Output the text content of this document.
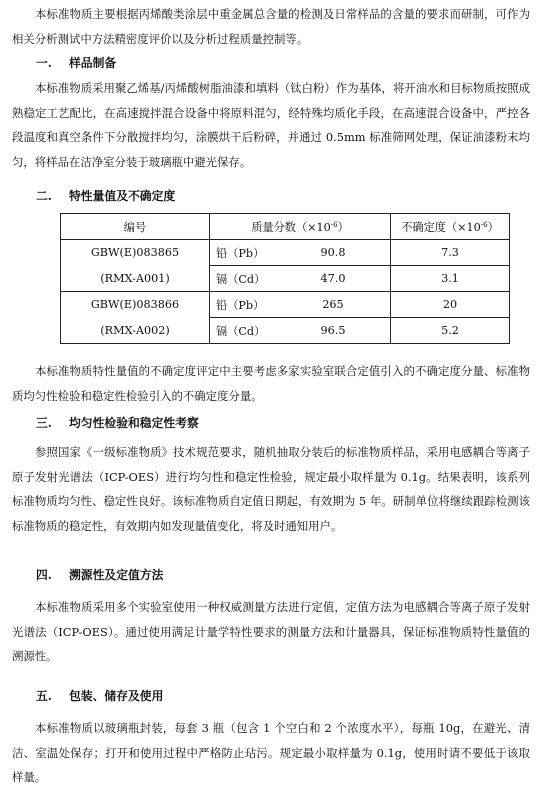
本标准物质主要根据丙烯酸类涂层中重金属总含量的检测及日常样品的含量的要求而研制，可作为相关分析测试中方法精密度评价以及分析过程质量控制等。

一. 样品制备

本标准物质采用聚乙烯基/丙烯酸树脂油漆和填料（钛白粉）作为基体，将开油水和目标物质按照成熟稳定工艺配比，在高速搅拌混合设备中将原料混匀，经特殊均质化手段，在高速混合设备中，严控各段温度和真空条件下分散搅拌均匀，涂膜烘干后粉碎，并通过 0.5mm 标准筛网处理，保证油漆粉末均匀，将样品在洁净室分装于玻璃瓶中避光保存。

二. 特性量值及不确定度
编号	质量分数$(\times 10^{-6})$		不确定度$(\times 10^{-6})$
GBW(E)083865	铅（Pb）	90.8	7.3
(RMX-A001)	镉（Cd）	47.0	3.1
GBW(E)083866	铅（Pb）	265	20
(RMX-A002)	镉（Cd）	96.5	5.2

本标准物质特性量值的不确定度评定中主要考虑多家实验室联合定值引入的不确定度分量、标准物质均匀性检验和稳定性检验引入的不确定度分量。

三. 均匀性检验和稳定性考察

参照国家《一级标准物质》技术规范要求，随机抽取分装后的标准物质样品，采用电感耦合等离子原子发射光谱法（ICP-OES）进行均匀性和稳定性检验，规定最小取样量为 0.1g。结果表明，该系列标准物质均匀性、稳定性良好。该标准物质自定值日期起，有效期为 5 年。研制单位将继续跟踪检测该标准物质的稳定性，有效期内如发现量值变化，将及时通知用户。

四. 溯源性及定值方法

本标准物质采用多个实验室使用一种权威测量方法进行定值，定值方法为电感耦合等离子原子发射光谱法（ICP-OES）。通过使用满足计量学特性要求的测量方法和计量器具，保证标准物质特性量值的溯源性。

五. 包装、储存及使用

本标准物质以玻璃瓶封装，每套 3 瓶（包含 1 个空白和 2 个浓度水平），每瓶 10g，在避光、清洁、室温处保存；打开和使用过程中严格防止玷污。规定最小取样量为 0.1g，使用时请不要低于该取样量。
